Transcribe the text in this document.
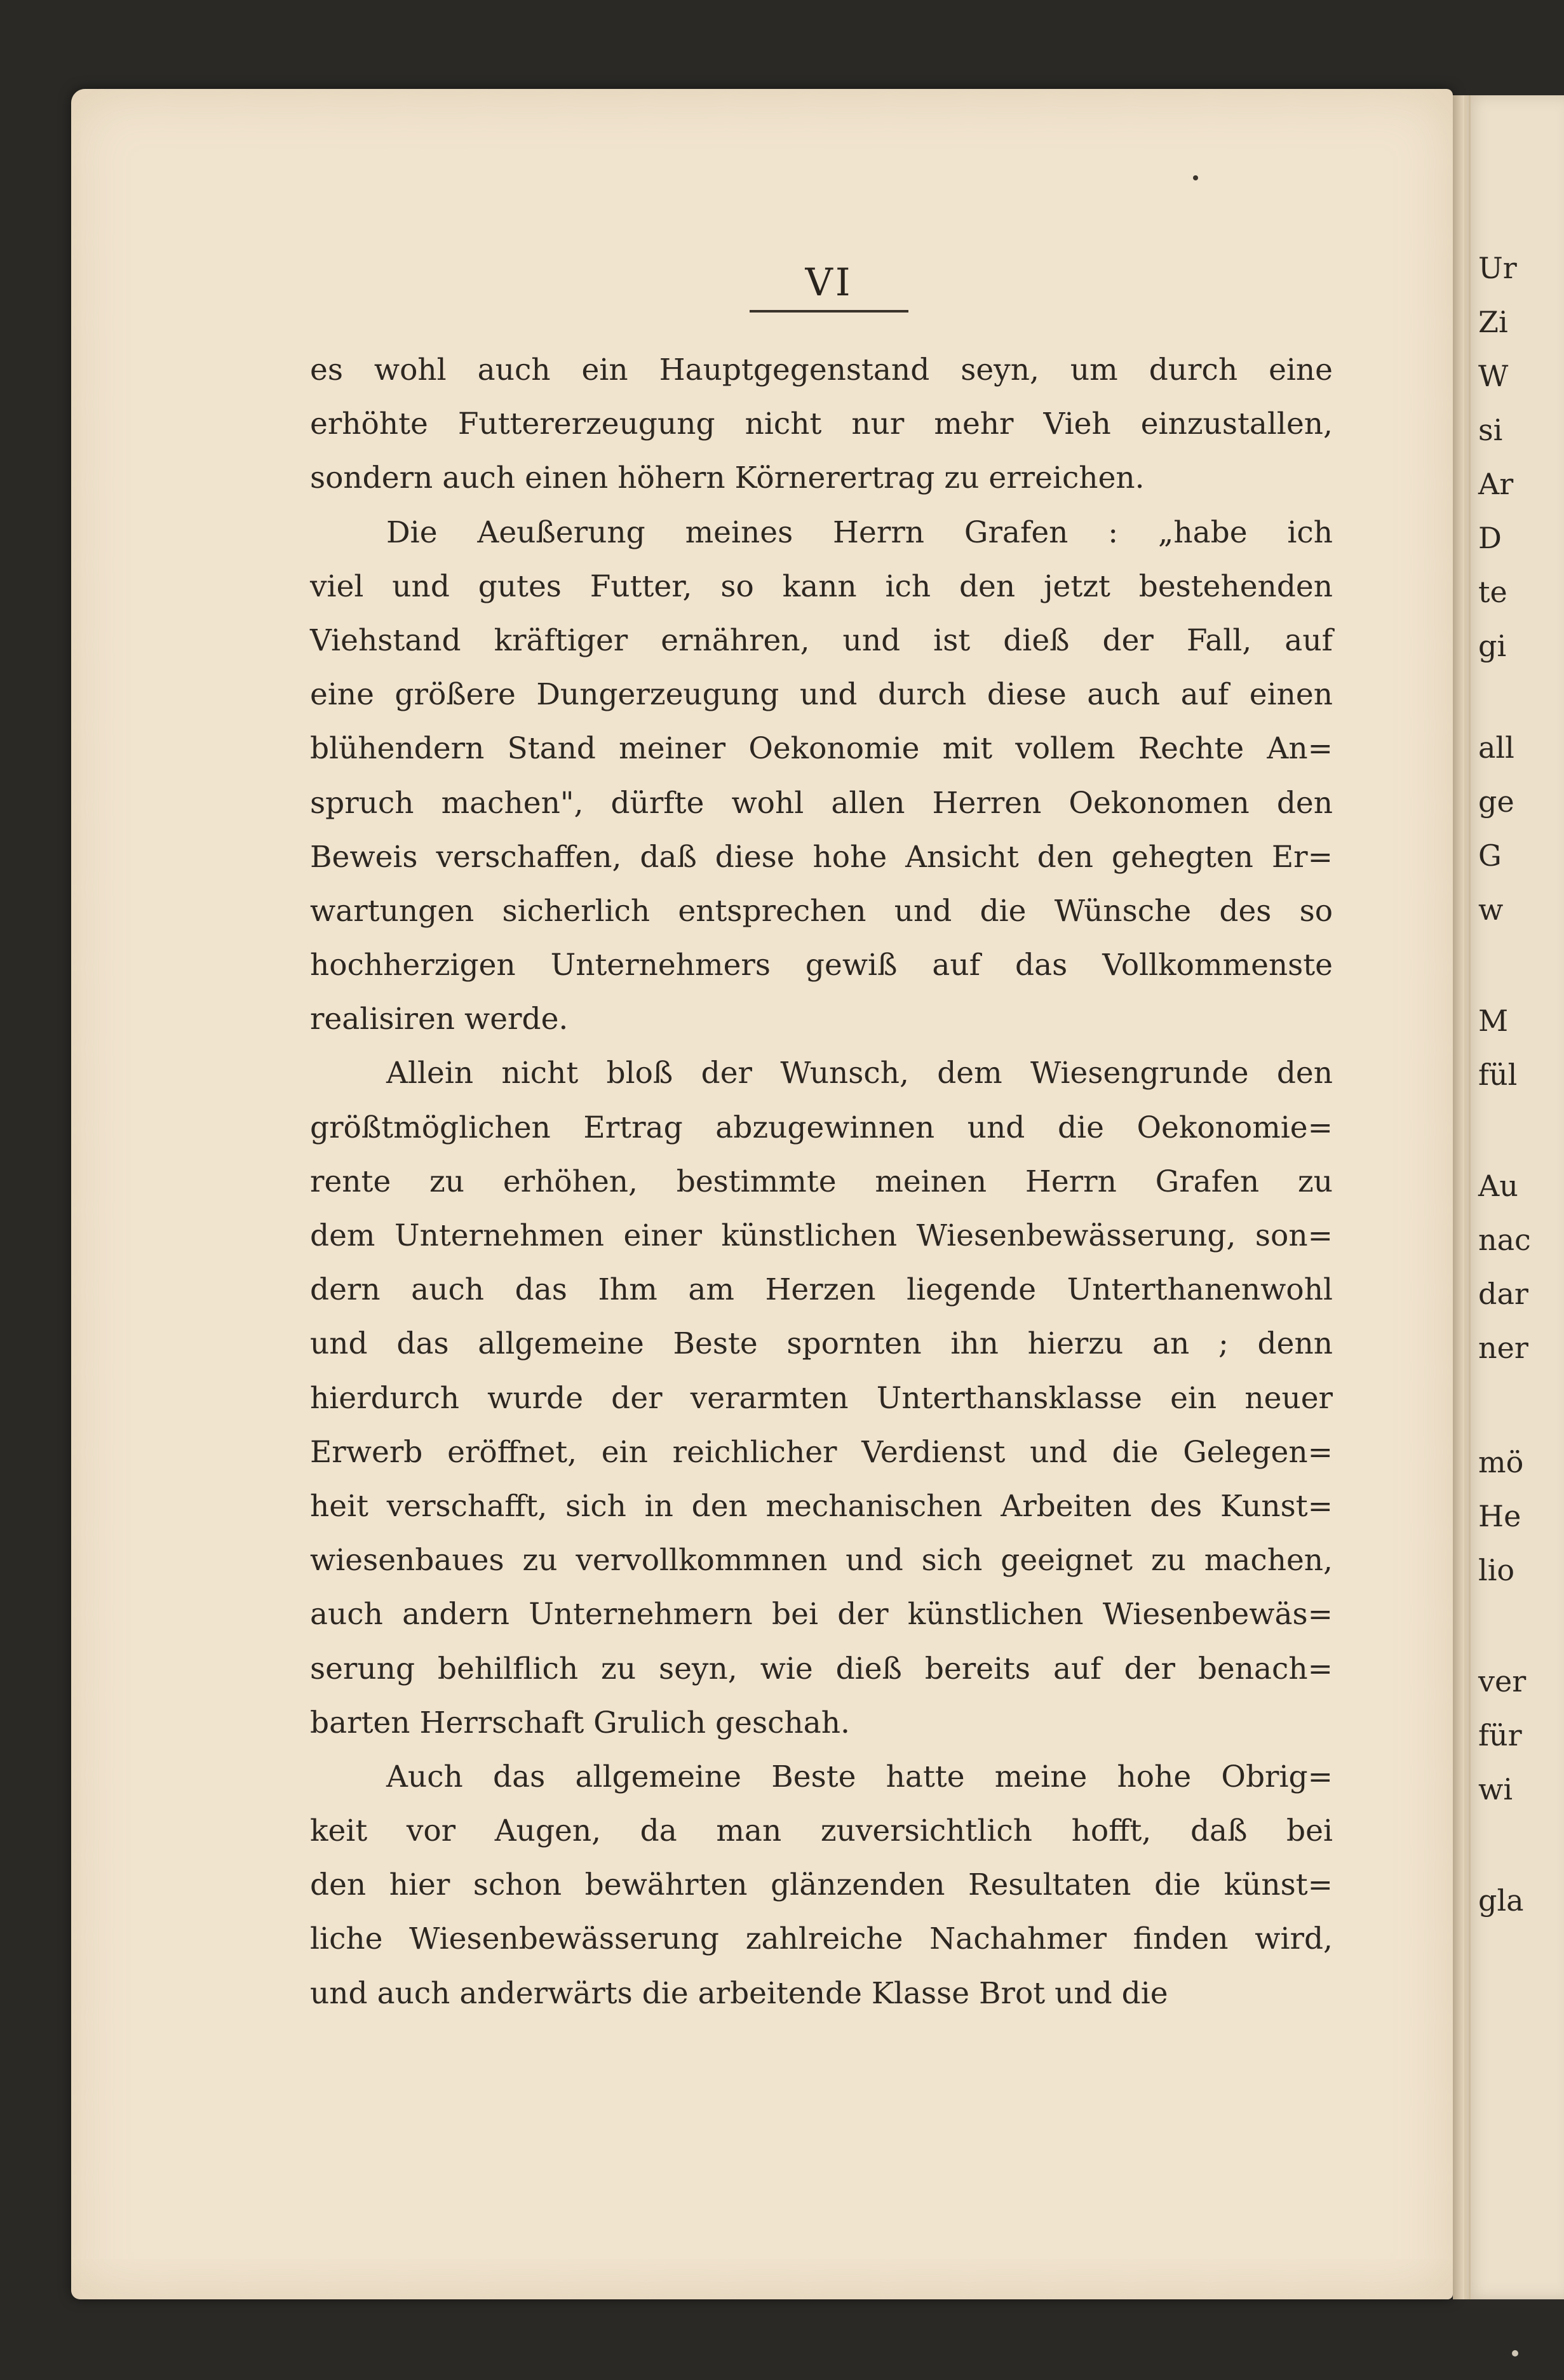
VI
es wohl auch ein Hauptgegenstand seyn, um durch eine
erhöhte Futtererzeugung nicht nur mehr Vieh einzustallen,
sondern auch einen höhern Körnerertrag zu erreichen.
Die Aeußerung meines Herrn Grafen : „habe ich
viel und gutes Futter, so kann ich den jetzt bestehenden
Viehstand kräftiger ernähren, und ist dieß der Fall, auf
eine größere Dungerzeugung und durch diese auch auf einen
blühendern Stand meiner Oekonomie mit vollem Rechte An=
spruch machen", dürfte wohl allen Herren Oekonomen den
Beweis verschaffen, daß diese hohe Ansicht den gehegten Er=
wartungen sicherlich entsprechen und die Wünsche des so
hochherzigen Unternehmers gewiß auf das Vollkommenste
realisiren werde.
Allein nicht bloß der Wunsch, dem Wiesengrunde den
größtmöglichen Ertrag abzugewinnen und die Oekonomie=
rente zu erhöhen, bestimmte meinen Herrn Grafen zu
dem Unternehmen einer künstlichen Wiesenbewässerung, son=
dern auch das Ihm am Herzen liegende Unterthanenwohl
und das allgemeine Beste spornten ihn hierzu an ; denn
hierdurch wurde der verarmten Unterthansklasse ein neuer
Erwerb eröffnet, ein reichlicher Verdienst und die Gelegen=
heit verschafft, sich in den mechanischen Arbeiten des Kunst=
wiesenbaues zu vervollkommnen und sich geeignet zu machen,
auch andern Unternehmern bei der künstlichen Wiesenbewäs=
serung behilflich zu seyn, wie dieß bereits auf der benach=
barten Herrschaft Grulich geschah.
Auch das allgemeine Beste hatte meine hohe Obrig=
keit vor Augen, da man zuversichtlich hofft, daß bei
den hier schon bewährten glänzenden Resultaten die künst=
liche Wiesenbewässerung zahlreiche Nachahmer finden wird,
und auch anderwärts die arbeitende Klasse Brot und die
Ur
Zi
W
si
Ar
D
te
gi
all
ge
G
w
M
fül
Au
nac
dar
ner
mö
He
lio
ver
für
wi
gla
